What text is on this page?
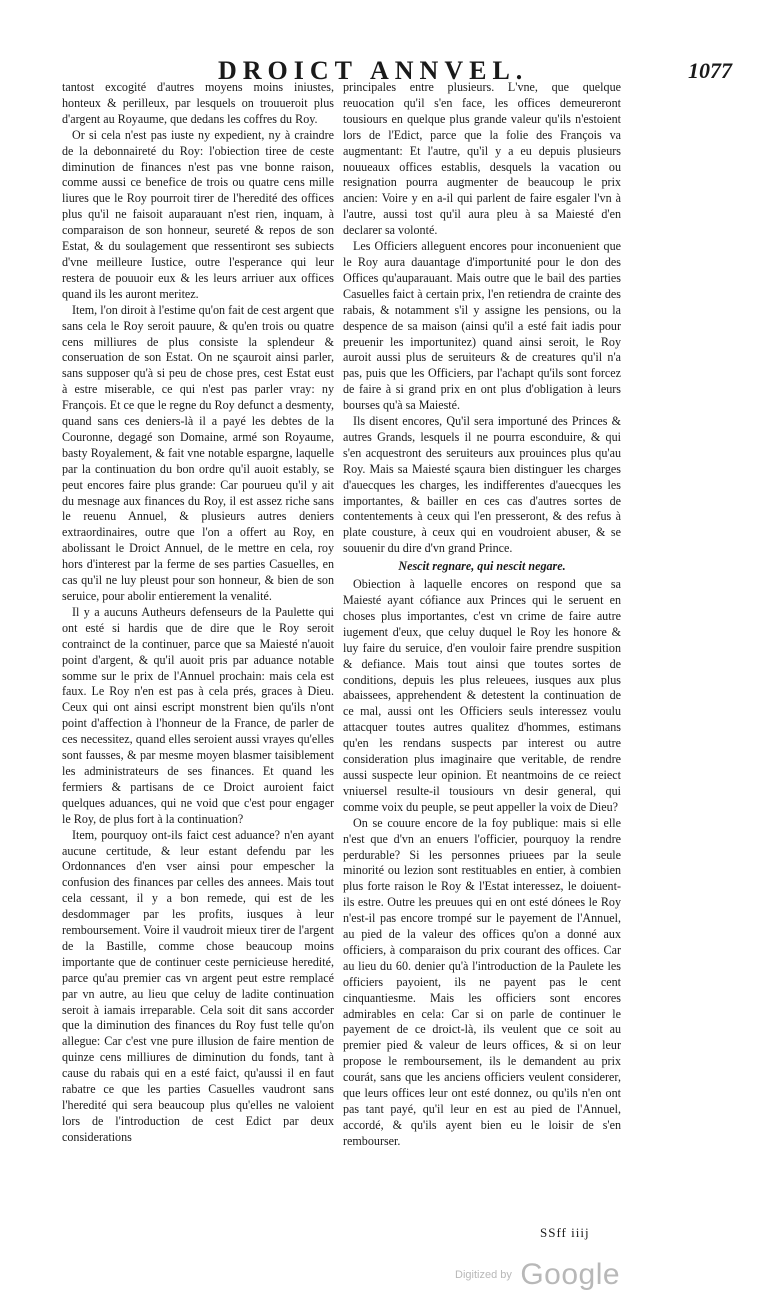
DROICT ANNVEL.	1077

tantost excogité d'autres moyens moins iniustes, honteux & perilleux, par lesquels on trouueroit plus d'argent au Royaume, que dedans les coffres du Roy.

Or si cela n'est pas iuste ny expedient, ny à craindre de la debonnaireté du Roy: l'obiection tiree de ceste diminution de finances n'est pas vne bonne raison, comme aussi ce benefice de trois ou quatre cens mille liures que le Roy pourroit tirer de l'heredité des offices plus qu'il ne faisoit auparauant n'est rien, inquam, à comparaison de son honneur, seureté & repos de son Estat, & du soulagement que ressentiront ses subiects d'vne meilleure Iustice, outre l'esperance qui leur restera de pouuoir eux & les leurs arriuer aux offices quand ils les auront meritez.

Item, l'on diroit à l'estime qu'on fait de cest argent que sans cela le Roy seroit pauure, & qu'en trois ou quatre cens milliures de plus consiste la splendeur & conseruation de son Estat. On ne sçauroit ainsi parler, sans supposer qu'à si peu de chose pres, cest Estat eust à estre miserable, ce qui n'est pas parler vray: ny François. Et ce que le regne du Roy defunct a desmenty, quand sans ces deniers-là il a payé les debtes de la Couronne, degagé son Domaine, armé son Royaume, basty Royalement, & fait vne notable espargne, laquelle par la continuation du bon ordre qu'il auoit estably, se peut encores faire plus grande: Car pourueu qu'il y ait du mesnage aux finances du Roy, il est assez riche sans le reuenu Annuel, & plusieurs autres deniers extraordinaires, outre que l'on a offert au Roy, en abolissant le Droict Annuel, de le mettre en cela, roy hors d'interest par la ferme de ses parties Casuelles, en cas qu'il ne luy pleust pour son honneur, & bien de son seruice, pour abolir entierement la venalité.

Il y a aucuns Autheurs defenseurs de la Paulette qui ont esté si hardis que de dire que le Roy seroit contrainct de la continuer, parce que sa Maiesté n'auoit point d'argent, & qu'il auoit pris par aduance notable somme sur le prix de l'Annuel prochain: mais cela est faux. Le Roy n'en est pas à cela prés, graces à Dieu. Ceux qui ont ainsi escript monstrent bien qu'ils n'ont point d'affection à l'honneur de la France, de parler de ces necessitez, quand elles seroient aussi vrayes qu'elles sont fausses, & par mesme moyen blasmer taisiblement les administrateurs de ses finances. Et quand les fermiers & partisans de ce Droict auroient faict quelques aduances, qui ne void que c'est pour engager le Roy, de plus fort à la continuation?

Item, pourquoy ont-ils faict cest aduance? n'en ayant aucune certitude, & leur estant defendu par les Ordonnances d'en vser ainsi pour empescher la confusion des finances par celles des annees. Mais tout cela cessant, il y a bon remede, qui est de les desdommager par les profits, iusques à leur remboursement. Voire il vaudroit mieux tirer de l'argent de la Bastille, comme chose beaucoup moins importante que de continuer ceste pernicieuse heredité, parce qu'au premier cas vn argent peut estre remplacé par vn autre, au lieu que celuy de ladite continuation seroit à iamais irreparable. Cela soit dit sans accorder que la diminution des finances du Roy fust telle qu'on allegue: Car c'est vne pure illusion de faire mention de quinze cens milliures de diminution du fonds, tant à cause du rabais qui en a esté faict, qu'aussi il en faut rabatre ce que les parties Casuelles vaudront sans l'heredité qui sera beaucoup plus qu'elles ne valoient lors de l'introduction de cest Edict par deux considerations

principales entre plusieurs. L'vne, que quelque reuocation qu'il s'en face, les offices demeureront tousiours en quelque plus grande valeur qu'ils n'estoient lors de l'Edict, parce que la folie des François va augmentant: Et l'autre, qu'il y a eu depuis plusieurs nouueaux offices establis, desquels la vacation ou resignation pourra augmenter de beaucoup le prix ancien: Voire y en a-il qui parlent de faire esgaler l'vn à l'autre, aussi tost qu'il aura pleu à sa Maiesté d'en declarer sa volonté.

Les Officiers alleguent encores pour inconuenient que le Roy aura dauantage d'importunité pour le don des Offices qu'auparauant. Mais outre que le bail des parties Casuelles faict à certain prix, l'en retiendra de crainte des rabais, & notamment s'il y assigne les pensions, ou la despence de sa maison (ainsi qu'il a esté fait iadis pour preuenir les importunitez) quand ainsi seroit, le Roy auroit aussi plus de seruiteurs & de creatures qu'il n'a pas, puis que les Officiers, par l'achapt qu'ils sont forcez de faire à si grand prix en ont plus d'obligation à leurs bourses qu'à sa Maiesté.

Ils disent encores, Qu'il sera importuné des Princes & autres Grands, lesquels il ne pourra esconduire, & qui s'en acquestront des seruiteurs aux prouinces plus qu'au Roy. Mais sa Maiesté sçaura bien distinguer les charges d'auecques les charges, les indifferentes d'auecques les importantes, & bailler en ces cas d'autres sortes de contentements à ceux qui l'en presseront, & des refus à plate cousture, à ceux qui en voudroient abuser, & se souuenir du dire d'vn grand Prince.

Nescit regnare, qui nescit negare.

Obiection à laquelle encores on respond que sa Maiesté ayant cófiance aux Princes qui le seruent en choses plus importantes, c'est vn crime de faire autre iugement d'eux, que celuy duquel le Roy les honore & luy faire du seruice, d'en vouloir faire prendre suspition & defiance. Mais tout ainsi que toutes sortes de conditions, depuis les plus releuees, iusques aux plus abaissees, apprehendent & detestent la continuation de ce mal, aussi ont les Officiers seuls interessez voulu attacquer toutes autres qualitez d'hommes, estimans qu'en les rendans suspects par interest ou autre consideration plus imaginaire que veritable, de rendre aussi suspecte leur opinion. Et neantmoins de ce reiect vniuersel resulte-il tousiours vn desir general, qui comme voix du peuple, se peut appeller la voix de Dieu?

On se couure encore de la foy publique: mais si elle n'est que d'vn an enuers l'officier, pourquoy la rendre perdurable? Si les personnes priuees par la seule minorité ou lezion sont restituables en entier, à combien plus forte raison le Roy & l'Estat interessez, le doiuent-ils estre. Outre les preuues qui en ont esté dónees le Roy n'est-il pas encore trompé sur le payement de l'Annuel, au pied de la valeur des offices qu'on a donné aux officiers, à comparaison du prix courant des offices. Car au lieu du 60. denier qu'à l'introduction de la Paulete les officiers payoient, ils ne payent pas le cent cinquantiesme. Mais les officiers sont encores admirables en cela: Car si on parle de continuer le payement de ce droict-là, ils veulent que ce soit au premier pied & valeur de leurs offices, & si on leur propose le remboursement, ils le demandent au prix courát, sans que les anciens officiers veulent considerer, que leurs offices leur ont esté donnez, ou qu'ils n'en ont pas tant payé, qu'il leur en est au pied de l'Annuel, accordé, & qu'ils ayent bien eu le loisir de s'en rembourser.

SSff iiij
Digitized by Google
